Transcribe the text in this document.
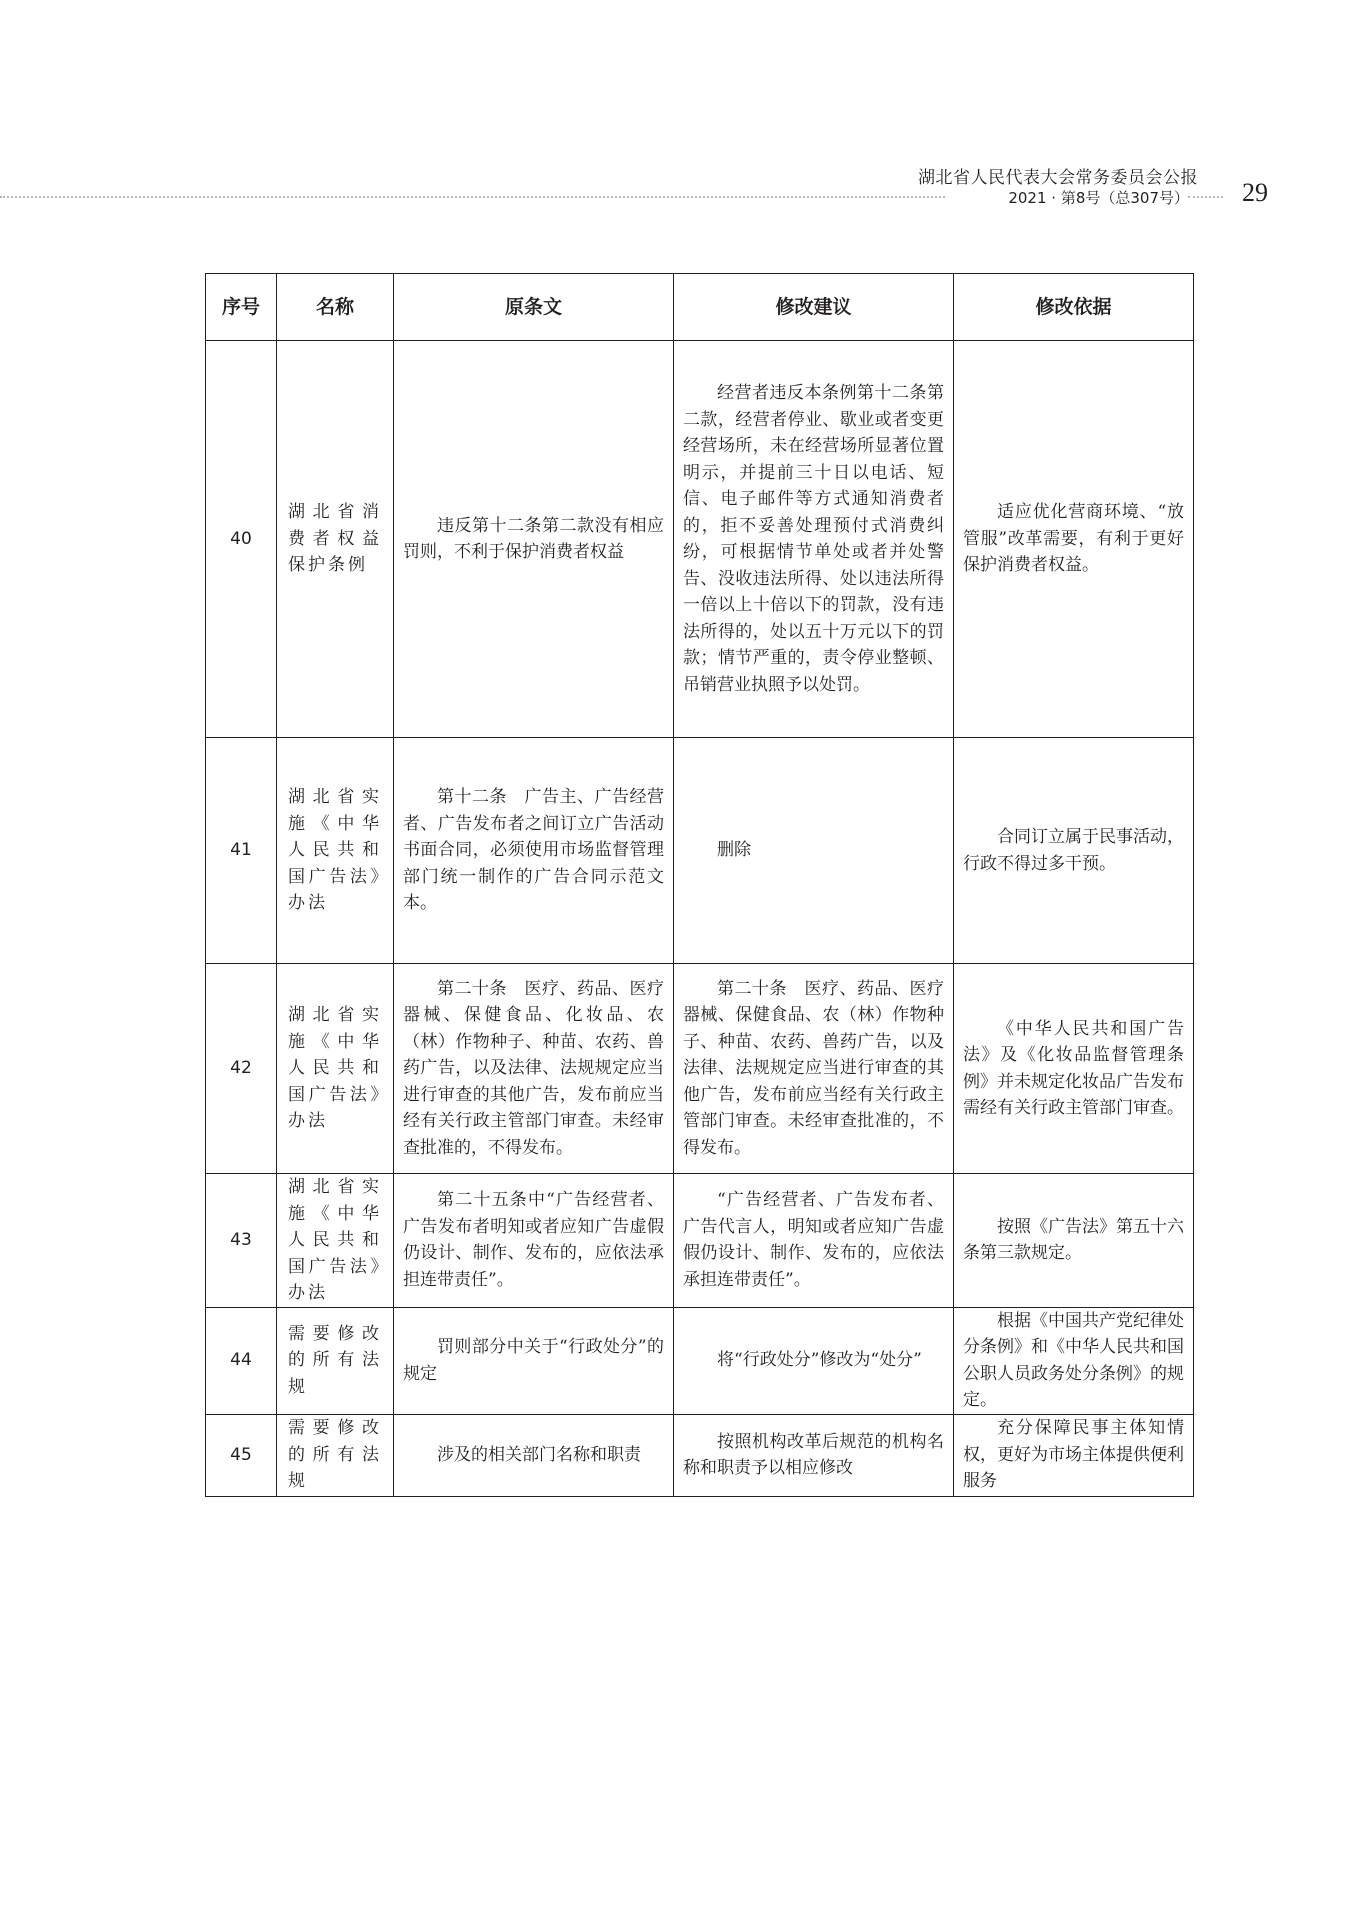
湖北省人民代表大会常务委员会公报
2021 · 第8号（总307号） 29
序号	名称	原条文	修改建议	修改依据
40	湖北省消费者权益保护条例	违反第十二条第二款没有相应罚则，不利于保护消费者权益	经营者违反本条例第十二条第二款，经营者停业、歇业或者变更经营场所，未在经营场所显著位置明示，并提前三十日以电话、短信、电子邮件等方式通知消费者的，拒不妥善处理预付式消费纠纷，可根据情节单处或者并处警告、没收违法所得、处以违法所得一倍以上十倍以下的罚款，没有违法所得的，处以五十万元以下的罚款；情节严重的，责令停业整顿、吊销营业执照予以处罚。	适应优化营商环境、“放管服”改革需要，有利于更好保护消费者权益。
41	湖北省实施《中华人民共和国广告法》办法	第十二条　广告主、广告经营者、广告发布者之间订立广告活动书面合同，必须使用市场监督管理部门统一制作的广告合同示范文本。	删除	合同订立属于民事活动，行政不得过多干预。
42	湖北省实施《中华人民共和国广告法》办法	第二十条　医疗、药品、医疗器械、保健食品、化妆品、农（林）作物种子、种苗、农药、兽药广告，以及法律、法规规定应当进行审查的其他广告，发布前应当经有关行政主管部门审查。未经审查批准的，不得发布。	第二十条　医疗、药品、医疗器械、保健食品、农（林）作物种子、种苗、农药、兽药广告，以及法律、法规规定应当进行审查的其他广告，发布前应当经有关行政主管部门审查。未经审查批准的，不得发布。	《中华人民共和国广告法》及《化妆品监督管理条例》并未规定化妆品广告发布需经有关行政主管部门审查。
43	湖北省实施《中华人民共和国广告法》办法	第二十五条中“广告经营者、广告发布者明知或者应知广告虚假仍设计、制作、发布的，应依法承担连带责任”。	“广告经营者、广告发布者、广告代言人，明知或者应知广告虚假仍设计、制作、发布的，应依法承担连带责任”。	按照《广告法》第五十六条第三款规定。
44	需要修改的所有法规	罚则部分中关于“行政处分”的规定	将“行政处分”修改为“处分”	根据《中国共产党纪律处分条例》和《中华人民共和国公职人员政务处分条例》的规定。
45	需要修改的所有法规	涉及的相关部门名称和职责	按照机构改革后规范的机构名称和职责予以相应修改	充分保障民事主体知情权，更好为市场主体提供便利服务
